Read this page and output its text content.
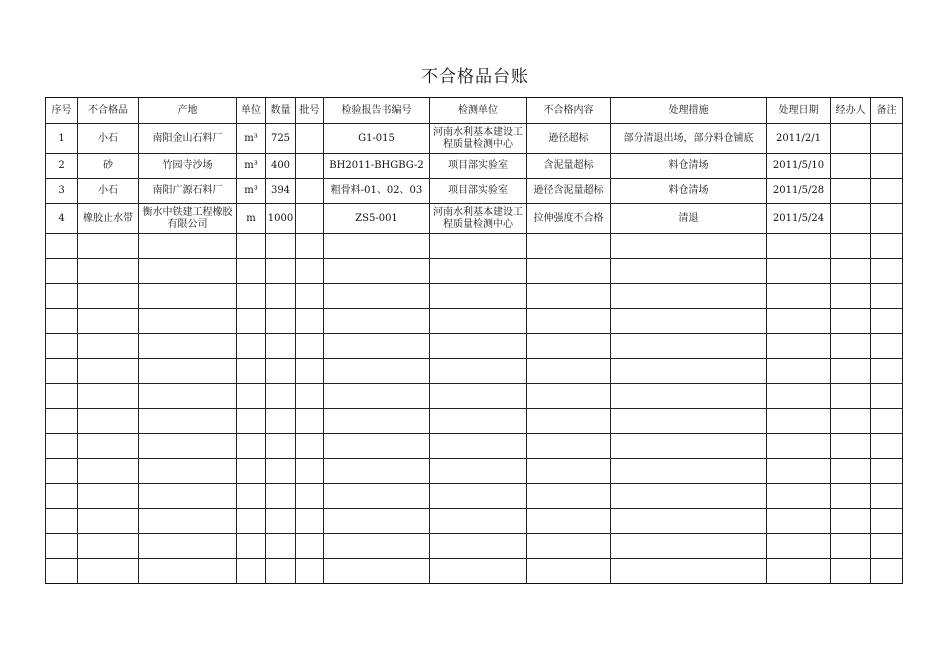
不合格品台账
序号	不合格品	产地	单位	数量	批号	检验报告书编号	检测单位	不合格内容	处理措施	处理日期	经办人	备注
1	小石	南阳金山石料厂	m³	725		G1-015	河南水利基本建设工程质量检测中心	逊径超标	部分清退出场，部分料仓铺底	2011/2/1		
2	砂	竹园寺沙场	m³	400		BH2011-BHGBG-2	项目部实验室	含泥量超标	料仓清场	2011/5/10		
3	小石	南阳广源石料厂	m³	394		粗骨料-01、02、03	项目部实验室	逊径含泥量超标	料仓清场	2011/5/28		
4	橡胶止水带	衡水中铁建工程橡胶有限公司	m	1000		ZS5-001	河南水利基本建设工程质量检测中心	拉伸强度不合格	清退	2011/5/24		
